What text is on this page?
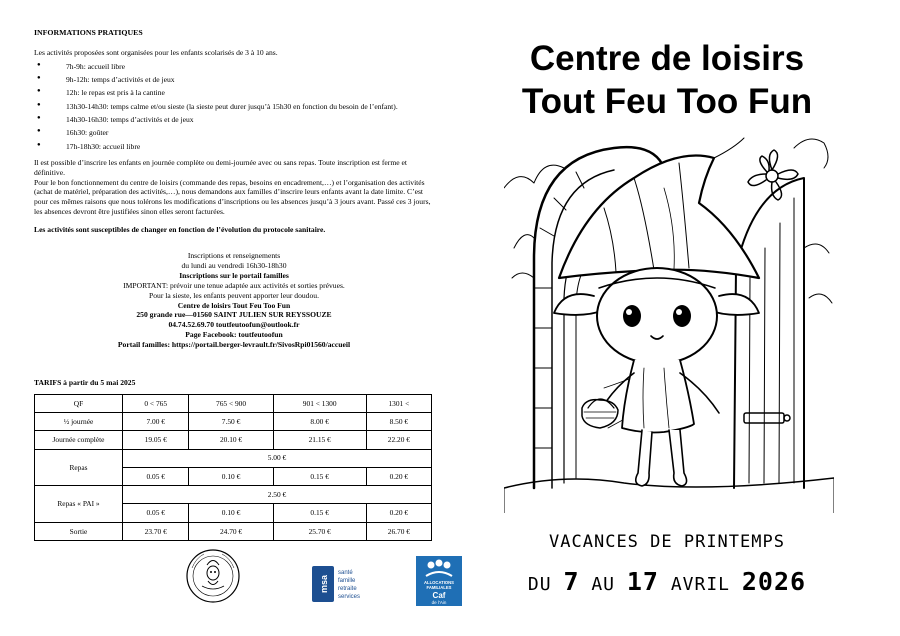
INFORMATIONS PRATIQUES
Les activités proposées sont organisées pour les enfants scolarisés de 3 à 10 ans.
● 7h-9h: accueil libre
● 9h-12h: temps d’activités et de jeux
● 12h: le repas est pris à la cantine
● 13h30-14h30: temps calme et/ou sieste (la sieste peut durer jusqu’à 15h30 en fonction du besoin de l’enfant).
● 14h30-16h30: temps d’activités et de jeux
● 16h30: goûter
● 17h-18h30: accueil libre

Il est possible d’inscrire les enfants en journée complète ou demi-journée avec ou sans repas. Toute inscription est ferme et définitive.

Pour le bon fonctionnement du centre de loisirs (commande des repas, besoins en encadrement,…) et l’organisation des activités (achat de matériel, préparation des activités,…), nous demandons aux familles d’inscrire leurs enfants avant la date limite. C’est pour ces mêmes raisons que nous tolérons les modifications d’inscriptions ou les absences jusqu’à 3 jours avant. Passé ces 3 jours, les absences devront être justifiées sinon elles seront facturées.

Les activités sont susceptibles de changer en fonction de l’évolution du protocole sanitaire.
Inscriptions et renseignements
du lundi au vendredi 16h30-18h30
Inscriptions sur le portail familles
IMPORTANT: prévoir une tenue adaptée aux activités et sorties prévues.
Pour la sieste, les enfants peuvent apporter leur doudou.
Centre de loisirs Tout Feu Too Fun
250 grande rue—01560 SAINT JULIEN SUR REYSSOUZE
04.74.52.69.70 toutfeutoofun@outlook.fr
Page Facebook: toutfeutoofun
Portail familles: https://portail.berger-levrault.fr/SivosRpi01560/accueil
TARIFS à partir du 5 mai 2025
QF	0 < 765	765 < 900	901 < 1300	1301 <
½ journée	7.00 €	7.50 €	8.00 €	8.50 €
Journée complète	19.05 €	20.10 €	21.15 €	22.20 €
Repas	5.00 €			
	0.05 €	0.10 €	0.15 €	0.20 €
Repas « PAI »	2.50 €			
	0.05 €	0.10 €	0.15 €	0.20 €
Sortie	23.70 €	24.70 €	25.70 €	26.70 €
msa
santé
famille
retraite
services
ALLOCATIONS
FAMILIALES
Caf
de l’Ain
Centre de loisirs
Tout Feu Too Fun
VACANCES DE PRINTEMPS
DU 7 AU 17 AVRIL 2026
